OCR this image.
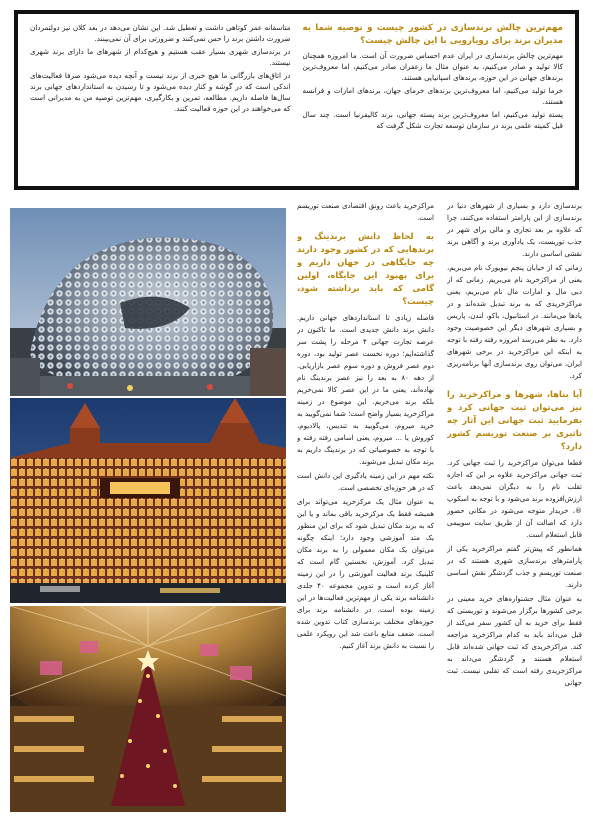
مهم‌ترین چالش برندسازی در کشور چیست و توصیه شما به مدیران برند برای رویارویی با این چالش چیست؟

مهم‌ترین چالش برندسازی در ایران عدم احساس ضرورت آن است. ما امروزه همچنان کالا تولید و صادر می‌کنیم، به عنوان مثال ما زعفران صادر می‌کنیم، اما معروف‌ترین برندهای جهانی در این حوزه، برندهای اسپانیایی هستند.

خرما تولید می‌کنیم، اما معروف‌ترین برندهای خرمای جهان، برندهای امارات و فرانسه هستند.

پسته تولید می‌کنیم، اما معروف‌ترین برند پسته جهانی، برند کالیفرنیا است. چند سال قبل کمیته علمی برند در سازمان توسعه تجارت شکل گرفت که

متاسفانه عمر کوتاهی داشت و تعطیل شد. این نشان می‌دهد در بعد کلان نیز دولتمردان ضرورت داشتن برند را حس نمی‌کنند و ضرورتی برای آن نمی‌بینند.

در برندسازی شهری بسیار عقب هستیم و هیچ‌کدام از شهرهای ما دارای برند شهری نیستند.

در اتاق‌های بازرگانی ما هیچ خبری از برند نیست و آنچه دیده می‌شود صرفا فعالیت‌های اندکی است که در گوشه و کنار دیده می‌شود و تا رسیدن به استانداردهای جهانی برند سال‌ها فاصله داریم. مطالعه، تمرین و بکارگیری، مهم‌ترین توصیه من به مدیرانی است که می‌خواهند در این حوزه فعالیت کنند.

برندسازی دارد و بسیاری از شهرهای دنیا در برندسازی از این پارامتر استفاده می‌کنند، چرا که علاوه بر بعد تجاری و مالی برای شهر در جذب توریست، یک یادآوری برند و آگاهی برند نقشی اساسی دارند.

زمانی که از خیابان پنجم نیویورک نام می‌بریم، یعنی از مراکزخرید نام می‌بریم. زمانی که از دبی مال و امارات مال نام می‌بریم، یعنی مراکزخریدی که به برند تبدیل شده‌اند و در یادها می‌مانند. در استانبول، باکو، لندن، پاریس و بسیاری شهرهای دیگر این خصوصیت وجود دارد. به نظر می‌رسد امروزه رفته رفته با توجه به اینکه این مراکزخرید در برخی شهرهای ایران، می‌توان روی برندسازی آنها برنامه‌ریزی کرد.

آیا بناها، شهرها و مراکزخرید را نیز می‌توان ثبت جهانی کرد و بفرمایید ثبت جهانی این آثار چه تاثیری بر صنعت توریسم کشور دارد؟

قطعا می‌توان مراکزخرید را ثبت جهانی کرد. ثبت جهانی مراکزخرید علاوه بر این که اجازه تقلب نام را به دیگران نمی‌دهد باعث ارزش‌افزوده برند می‌شود و با توجه به اسکوپ ®، خریدار متوجه می‌شود در مکانی حضور دارد که اصالت آن از طریق سایت سوپیمی قابل استعلام است.

همانطور که پیش‌تر گفتم مراکزخرید یکی از پارامترهای برندسازی شهری هستند که در صنعت توریسم و جذب گردشگر نقش اساسی دارند.

به عنوان مثال جشنواره‌های خرید معینی در برخی کشورها برگزار می‌شوند و توریستی که فقط برای خرید به آن کشور سفر می‌کند از قبل می‌داند باید به کدام مراکزخرید مراجعه کند. مراکزخریدی که ثبت جهانی شده‌اند قابل استعلام هستند و گردشگر می‌داند به مراکزخریدی رفته است که تقلبی نیست. ثبت جهانی

مراکزخرید باعث رونق اقتصادی صنعت توریسم است.

به لحاظ دانش برندینگ و برندهایی که در کشور وجود دارند چه جایگاهی در جهان داریم و برای بهبود این جایگاه، اولین گامی که باید برداشته شود، چیست؟

فاصله زیادی تا استانداردهای جهانی داریم. دانش برند دانش جدیدی است. ما تاکنون در عرصه تجارت جهانی ۴ مرحله را پشت سر گذاشته‌ایم؛ دوره نخست عصر تولید بود، دوره دوم عصر فروش و دوره سوم عصر بازاریابی. از دهه ۸۰ به بعد را نیز عصر برندینگ نام نهاده‌اند، یعنی ما در این عصر کالا نمی‌خریم بلکه برند می‌خریم. این موضوع در زمینه مراکزخرید بسیار واضح است؛ شما نمی‌گویید به خرید میروم، می‌گویید به تندیس، پالادیوم، کوروش یا ... میروم، یعنی اسامی رفته رفته و با توجه به خصوصیاتی که در برندینگ داریم به برند مکان تبدیل می‌شوند.

نکته مهم در این زمینه یادگیری این دانش است که در هر حوزه‌ای تخصصی است.

به عنوان مثال یک مرکزخرید می‌تواند برای همیشه فقط یک مرکزخرید باقی بماند و یا این که به برند مکان تبدیل شود که برای این منظور یک متد آموزشی وجود دارد؛ اینکه چگونه می‌توان یک مکان معمولی را به برند مکان تبدیل کرد. آموزش، نخستین گام است که کلینیک برند فعالیت آموزشی را در این زمینه آغاز کرده است و تدوین مجموعه ۴۰ جلدی دانشنامه برند یکی از مهم‌ترین فعالیت‌ها در این زمینه بوده است. در دانشنامه برند برای حوزه‌های مختلف برندسازی کتاب تدوین شده است. ضعف منابع باعث شد این رویکرد علمی را نسبت به دانش برند آغاز کنیم.
